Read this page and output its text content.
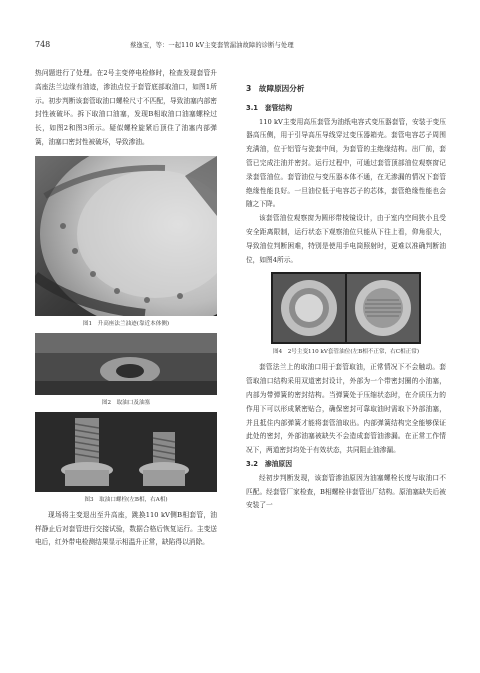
748	蔡逸宝，等：一起110 kV主变套管漏油故障的诊断与处理

热问题进行了处理。在2号主变停电检修时，检查发现套管升高座法兰边缘有油迹，渗油点位于套管底部取油口，如图1所示。初步判断该套管取油口螺栓尺寸不匹配，导致油塞内部密封性被破坏。拆下取油口油塞，发现B相取油口油塞螺栓过长，如图2和图3所示。疑似螺栓旋紧后顶住了油塞内部弹簧，油塞口密封性被破坏，导致渗油。

图1　升高座法兰油迹(靠近本体侧)
图2　取油口及油塞
图3　取油口螺栓(左B相，右A相)

现场将主变退出至升高座，跳换110 kV侧B相套管，油样静止后对套管进行交接试验，数据合格后恢复运行。主变送电后，红外带电检测结果显示相温升正常，缺陷得以消除。

3　故障原因分析
3.1　套管结构

110 kV主变用高压套管为油纸电容式变压器套管，安装于变压器高压侧，用于引导高压导线穿过变压器箱壳。套管电容芯子周围充满油，位于铝管与瓷套中间，为套管的主绝缘结构。出厂前，套管已完成注油并密封。运行过程中，可通过套管顶部油位观察窗记录套管油位。套管油位与变压器本体不通，在无渗漏的情况下套管绝缘性能良好。一旦油位低于电容芯子的芯体，套管绝缘性能也会随之下降。

该套管油位观察窗为圆形带棱镜设计，由于室内空间狭小且受安全距离限制，运行状态下观察油位只能从下往上看，仰角很大，导致油位判断困难，特别是使用手电筒照射时，更难以准确判断油位，如图4所示。

图4　2号主变110 kV套管油位(左B相不正常，右C相正常)

套管法兰上的取油口用于套管取油，正常情况下不会触动。套管取油口结构采用双道密封设计，外部为一个带密封圈的小油塞，内部为带弹簧的密封结构。当弹簧处于压缩状态时，在介质压力的作用下可以形成紧密贴合，确保密封可靠取油时需取下外部油塞，并且抵住内部弹簧才能将套管油取出。内部弹簧结构完全能够保证此处的密封，外部油塞被缺失不会造成套管油渗漏。在正常工作情况下，两道密封均处于有效状态，共同阻止油渗漏。

3.2　渗油原因

经初步判断发现，该套管渗油原因为油塞螺栓长度与取油口不匹配。经套管厂家检查，B相螺栓非套管出厂结构。原油塞缺失后被安装了一
